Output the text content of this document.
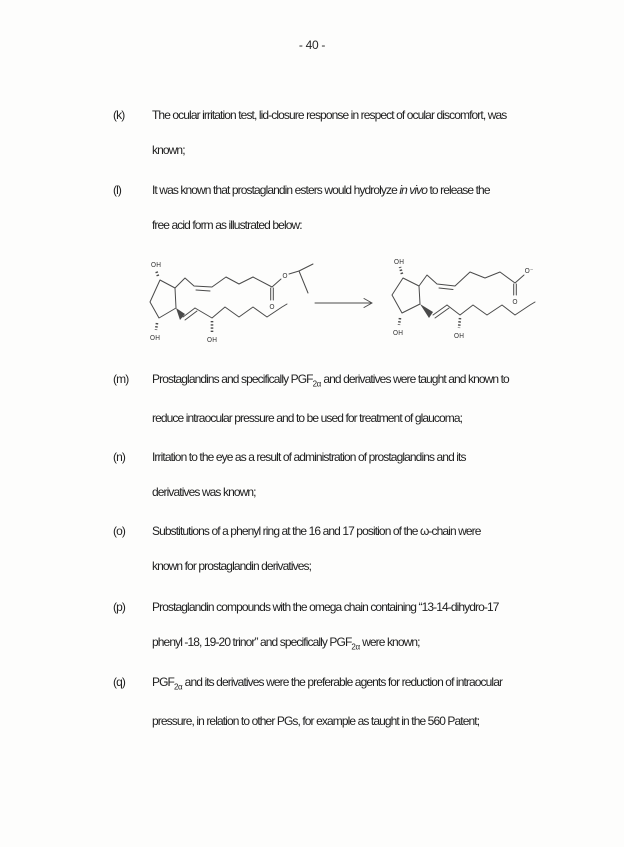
- 40 -
(k) The ocular irritation test, lid-closure response in respect of ocular discomfort, was
known;
(l)	It was known that prostaglandin esters would hydrolyze in vivo to release the
free acid form as illustrated below:
OH
OH	OH
O
O
OH
OH	OH
O
O⁻
(m) Prostaglandins and specifically $PGF_{2\alpha}$ and derivatives were taught and known to
reduce intraocular pressure and to be used for treatment of glaucoma;
(n) Irritation to the eye as a result of administration of prostaglandins and its
derivatives was known;
(o) Substitutions of a phenyl ring at the 16 and 17 position of the ω-chain were
known for prostaglandin derivatives;
(p) Prostaglandin compounds with the omega chain containing “13-14-dihydro-17
phenyl -18, 19-20 trinor” and specifically $PGF_{2\alpha}$ were known;
(q) $PGF_{2\alpha}$ and its derivatives were the preferable agents for reduction of intraocular
pressure, in relation to other PGs, for example as taught in the 560 Patent;
